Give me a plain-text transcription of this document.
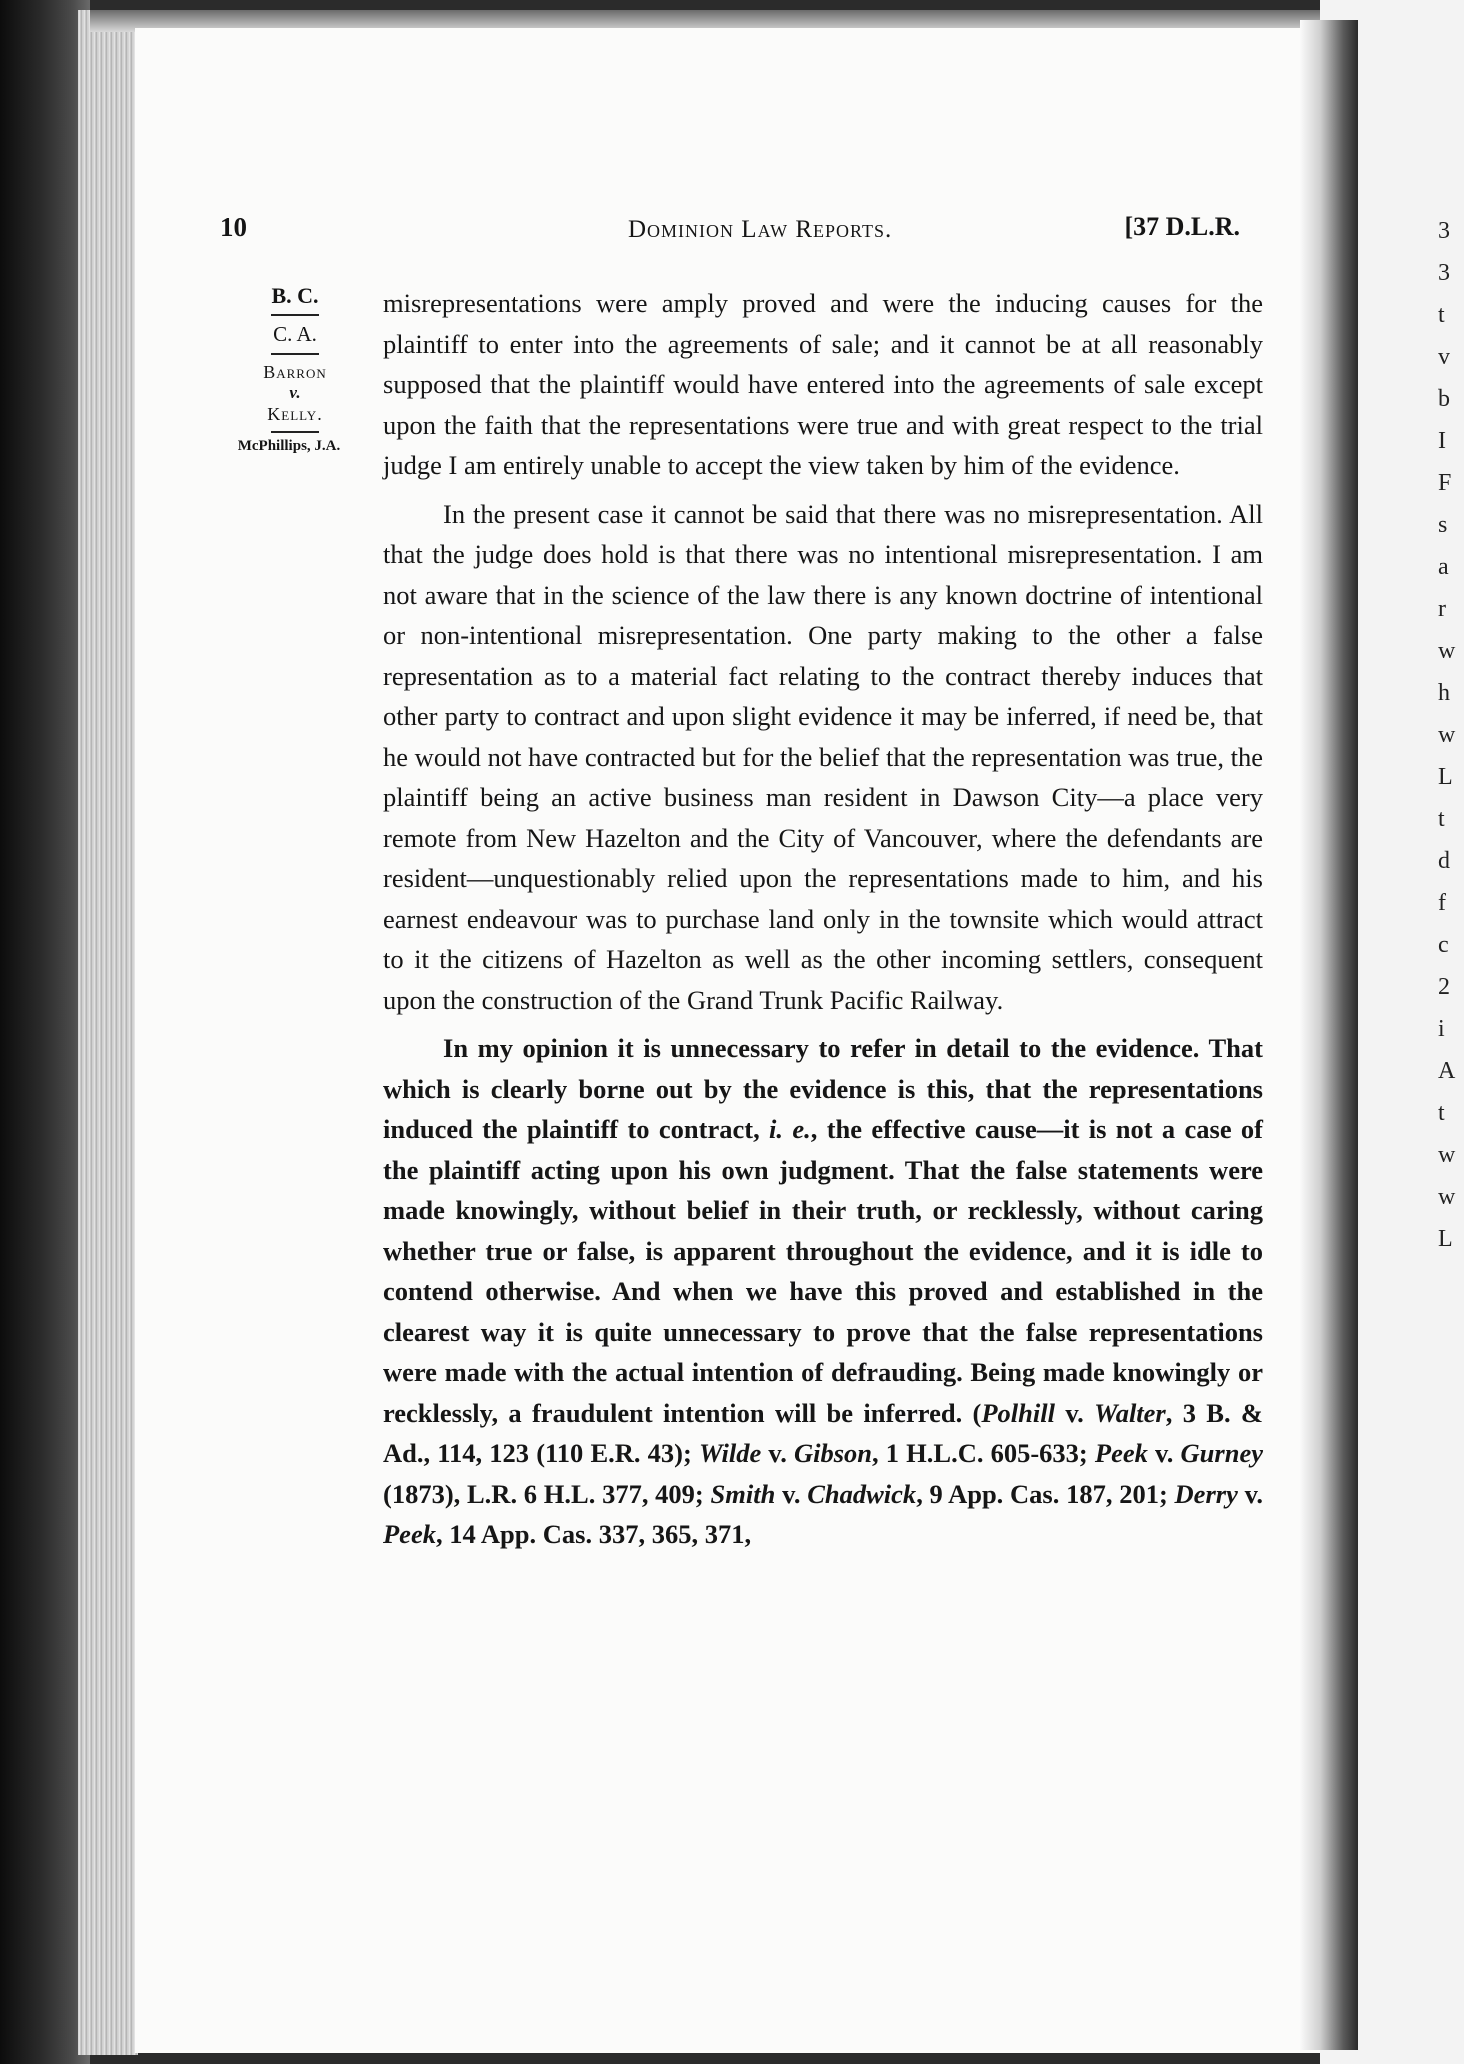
10	Dominion Law Reports.	[37 D.L.R.
B. C.
C. A.
Barron
v.
Kelly.
McPhillips, J.A.

misrepresentations were amply proved and were the inducing causes for the plaintiff to enter into the agreements of sale; and it cannot be at all reasonably supposed that the plaintiff would have entered into the agreements of sale except upon the faith that the representations were true and with great respect to the trial judge I am entirely unable to accept the view taken by him of the evidence.

In the present case it cannot be said that there was no misrepresentation. All that the judge does hold is that there was no intentional misrepresentation. I am not aware that in the science of the law there is any known doctrine of intentional or non-intentional misrepresentation. One party making to the other a false representation as to a material fact relating to the contract thereby induces that other party to contract and upon slight evidence it may be inferred, if need be, that he would not have contracted but for the belief that the representation was true, the plaintiff being an active business man resident in Dawson City—a place very remote from New Hazelton and the City of Vancouver, where the defendants are resident—unquestionably relied upon the representations made to him, and his earnest endeavour was to purchase land only in the townsite which would attract to it the citizens of Hazelton as well as the other incoming settlers, consequent upon the construction of the Grand Trunk Pacific Railway.

In my opinion it is unnecessary to refer in detail to the evidence. That which is clearly borne out by the evidence is this, that the representations induced the plaintiff to contract, i. e., the effective cause—it is not a case of the plaintiff acting upon his own judgment. That the false statements were made knowingly, without belief in their truth, or recklessly, without caring whether true or false, is apparent throughout the evidence, and it is idle to contend otherwise. And when we have this proved and established in the clearest way it is quite unnecessary to prove that the false representations were made with the actual intention of defrauding. Being made knowingly or recklessly, a fraudulent intention will be inferred. (Polhill v. Walter, 3 B. & Ad., 114, 123 (110 E.R. 43); Wilde v. Gibson, 1 H.L.C. 605-633; Peek v. Gurney (1873), L.R. 6 H.L. 377, 409; Smith v. Chadwick, 9 App. Cas. 187, 201; Derry v. Peek, 14 App. Cas. 337, 365, 371,

3
3
t
v
b
I
F
s
a
r
w
h
w
L
t
d
f
c
2
i
A
t
w
w
L
